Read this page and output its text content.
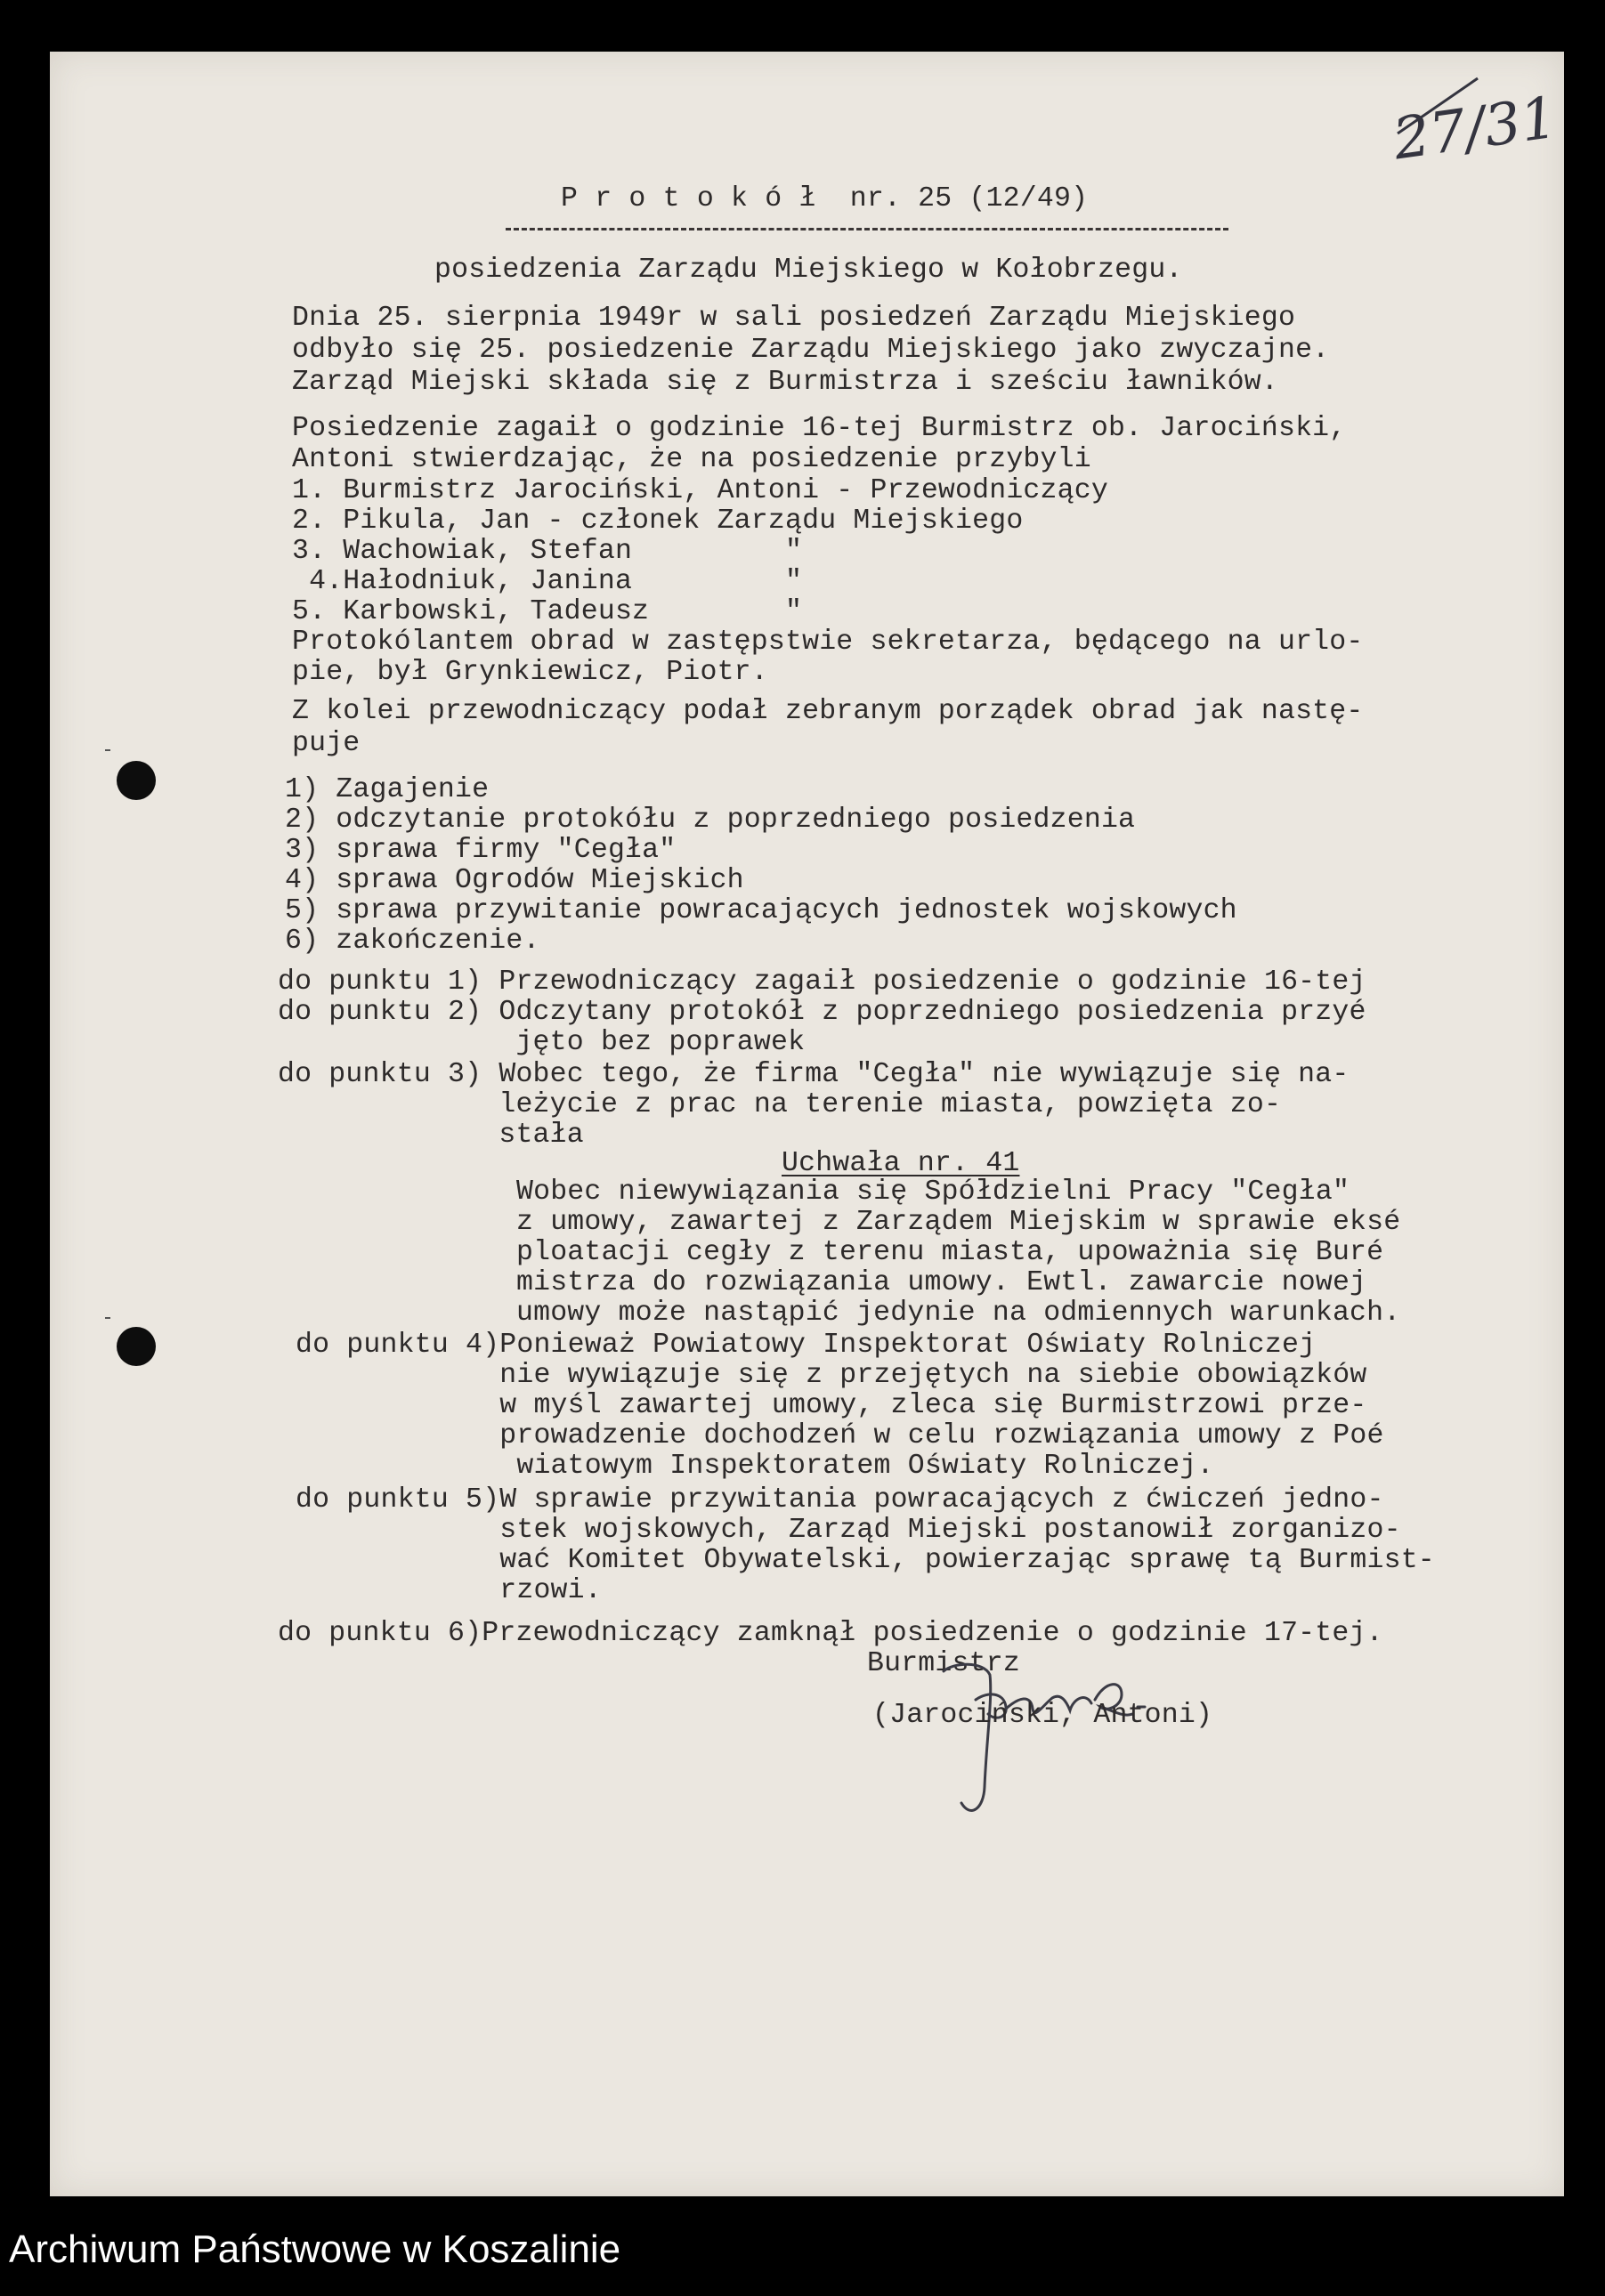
27/31
P r o t o k ó ł  nr. 25 (12/49)
posiedzenia Zarządu Miejskiego w Kołobrzegu.
Dnia 25. sierpnia 1949r w sali posiedzeń Zarządu Miejskiego
odbyło się 25. posiedzenie Zarządu Miejskiego jako zwyczajne.
Zarząd Miejski składa się z Burmistrza i sześciu ławników.
Posiedzenie zagaił o godzinie 16-tej Burmistrz ob. Jarociński,
Antoni stwierdzając, że na posiedzenie przybyli
1. Burmistrz Jarociński, Antoni - Przewodniczący
2. Pikula, Jan - członek Zarządu Miejskiego
3. Wachowiak, Stefan         "
4.Hałodniuk, Janina         "
5. Karbowski, Tadeusz        "
Protokólantem obrad w zastępstwie sekretarza, będącego na urlo-
pie, był Grynkiewicz, Piotr.
Z kolei przewodniczący podał zebranym porządek obrad jak nastę-
puje
1) Zagajenie
2) odczytanie protokółu z poprzedniego posiedzenia
3) sprawa firmy "Cegła"
4) sprawa Ogrodów Miejskich
5) sprawa przywitanie powracających jednostek wojskowych
6) zakończenie.
do punktu 1) Przewodniczący zagaił posiedzenie o godzinie 16-tej
do punktu 2) Odczytany protokół z poprzedniego posiedzenia przyé
jęto bez poprawek
do punktu 3) Wobec tego, że firma "Cegła" nie wywiązuje się na-
leżycie z prac na terenie miasta, powzięta zo-
stała
Uchwała nr. 41
Wobec niewywiązania się Spółdzielni Pracy "Cegła"
z umowy, zawartej z Zarządem Miejskim w sprawie eksé
ploatacji cegły z terenu miasta, upoważnia się Buré
mistrza do rozwiązania umowy. Ewtl. zawarcie nowej
umowy może nastąpić jedynie na odmiennych warunkach.
do punktu 4)Ponieważ Powiatowy Inspektorat Oświaty Rolniczej
nie wywiązuje się z przejętych na siebie obowiązków
w myśl zawartej umowy, zleca się Burmistrzowi prze-
prowadzenie dochodzeń w celu rozwiązania umowy z Poé
wiatowym Inspektoratem Oświaty Rolniczej.
do punktu 5)W sprawie przywitania powracających z ćwiczeń jedno-
stek wojskowych, Zarząd Miejski postanowił zorganizo-
wać Komitet Obywatelski, powierzając sprawę tą Burmist-
rzowi.
do punktu 6)Przewodniczący zamknął posiedzenie o godzinie 17-tej.
Burmistrz
(Jarociński, Antoni)
Archiwum Państwowe w Koszalinie
